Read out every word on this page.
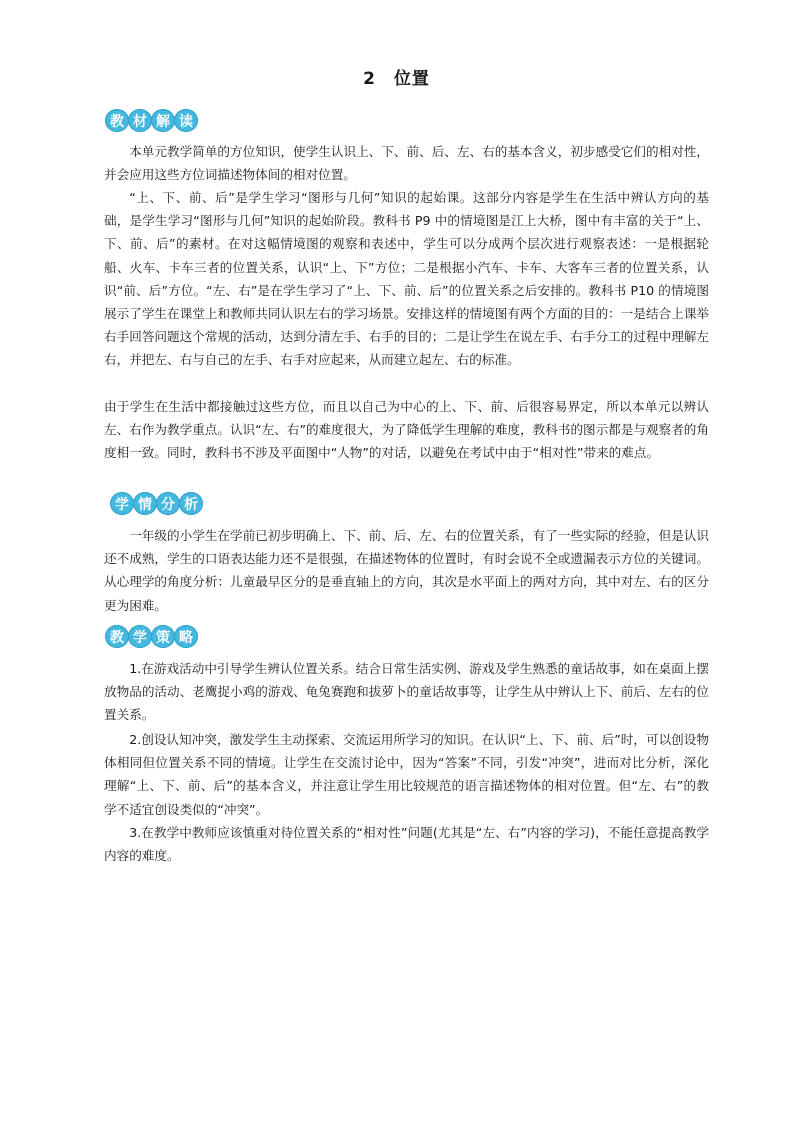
2 位置
教 材 解 读

本单元教学简单的方位知识，使学生认识上、下、前、后、左、右的基本含义，初步感受它们的相对性，并会应用这些方位词描述物体间的相对位置。

“上、下、前、后”是学生学习“图形与几何”知识的起始课。这部分内容是学生在生活中辨认方向的基础，是学生学习“图形与几何”知识的起始阶段。教科书 P9 中的情境图是江上大桥，图中有丰富的关于“上、下、前、后”的素材。在对这幅情境图的观察和表述中，学生可以分成两个层次进行观察表述：一是根据轮船、火车、卡车三者的位置关系，认识“上、下”方位；二是根据小汽车、卡车、大客车三者的位置关系，认识“前、后”方位。“左、右”是在学生学习了“上、下、前、后”的位置关系之后安排的。教科书 P10 的情境图展示了学生在课堂上和教师共同认识左右的学习场景。安排这样的情境图有两个方面的目的：一是结合上课举右手回答问题这个常规的活动，达到分清左手、右手的目的；二是让学生在说左手、右手分工的过程中理解左右，并把左、右与自己的左手、右手对应起来，从而建立起左、右的标准。

由于学生在生活中都接触过这些方位，而且以自己为中心的上、下、前、后很容易界定，所以本单元以辨认左、右作为教学重点。认识“左、右”的难度很大，为了降低学生理解的难度，教科书的图示都是与观察者的角度相一致。同时，教科书不涉及平面图中“人物”的对话，以避免在考试中由于“相对性”带来的难点。

学 情 分 析

一年级的小学生在学前已初步明确上、下、前、后、左、右的位置关系，有了一些实际的经验，但是认识还不成熟，学生的口语表达能力还不是很强，在描述物体的位置时，有时会说不全或遗漏表示方位的关键词。从心理学的角度分析：儿童最早区分的是垂直轴上的方向，其次是水平面上的两对方向，其中对左、右的区分更为困难。

教 学 策 略

1.在游戏活动中引导学生辨认位置关系。结合日常生活实例、游戏及学生熟悉的童话故事，如在桌面上摆放物品的活动、老鹰捉小鸡的游戏、龟兔赛跑和拔萝卜的童话故事等，让学生从中辨认上下、前后、左右的位置关系。

2.创设认知冲突，激发学生主动探索、交流运用所学习的知识。在认识“上、下、前、后”时，可以创设物体相同但位置关系不同的情境。让学生在交流讨论中，因为“答案”不同，引发“冲突”，进而对比分析，深化理解“上、下、前、后”的基本含义，并注意让学生用比较规范的语言描述物体的相对位置。但“左、右”的教学不适宜创设类似的“冲突”。

3.在教学中教师应该慎重对待位置关系的“相对性”问题(尤其是“左、右”内容的学习)，不能任意提高教学内容的难度。
